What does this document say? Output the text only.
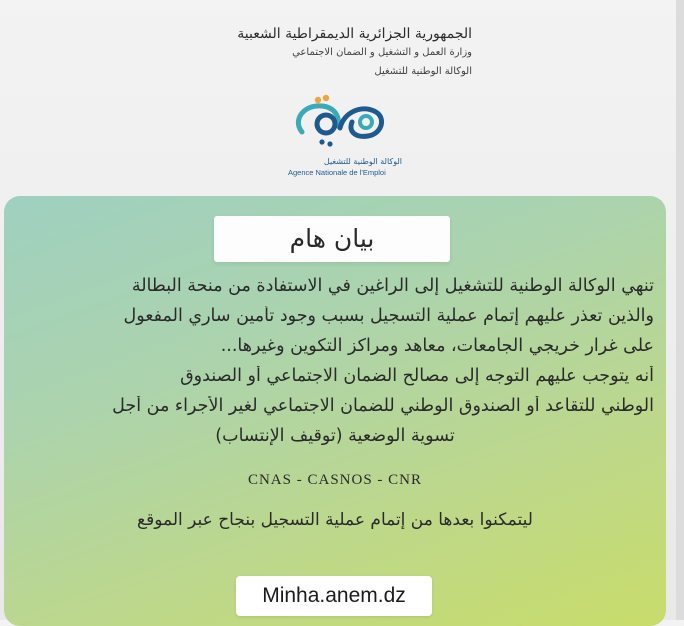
الجمهورية الجزائرية الديمقراطية الشعبية
وزارة العمل و التشغيل و الضمان الاجتماعي
الوكالة الوطنية للتشغيل
الوكالة الوطنية للتشغيل
Agence Nationale de l'Emploi
بيان هام
تنهي الوكالة الوطنية للتشغيل إلى الراغين في الاستفادة من منحة البطالة
والذين تعذر عليهم إتمام عملية التسجيل بسبب وجود تأمين ساري المفعول
على غرار خريجي الجامعات، معاهد ومراكز التكوين وغيرها...
أنه يتوجب عليهم التوجه إلى مصالح الضمان الاجتماعي أو الصندوق
الوطني للتقاعد أو الصندوق الوطني للضمان الاجتماعي لغير الأجراء من أجل
تسوية الوضعية (توقيف الإنتساب)
CNAS - CASNOS - CNR
ليتمكنوا بعدها من إتمام عملية التسجيل بنجاح عبر الموقع
Minha.anem.dz
